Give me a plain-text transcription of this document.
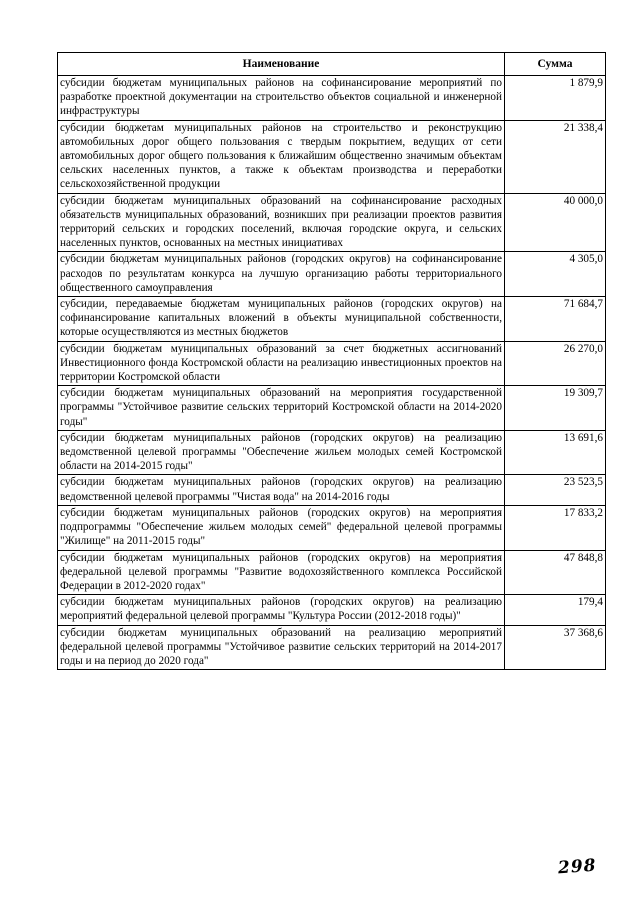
Наименование	Сумма
субсидии бюджетам муниципальных районов на софинансирование мероприятий по разработке проектной документации на строительство объектов социальной и инженерной инфраструктуры	1 879,9
субсидии бюджетам муниципальных районов на строительство и реконструкцию автомобильных дорог общего пользования с твердым покрытием, ведущих от сети автомобильных дорог общего пользования к ближайшим общественно значимым объектам сельских населенных пунктов, а также к объектам производства и переработки сельскохозяйственной продукции	21 338,4
субсидии бюджетам муниципальных образований на софинансирование расходных обязательств муниципальных образований, возникших при реализации проектов развития территорий сельских и городских поселений, включая городские округа, и сельских населенных пунктов, основанных на местных инициативах	40 000,0
субсидии бюджетам муниципальных районов (городских округов) на софинансирование расходов по результатам конкурса на лучшую организацию работы территориального общественного самоуправления	4 305,0
субсидии, передаваемые бюджетам муниципальных районов (городских округов) на софинансирование капитальных вложений в объекты муниципальной собственности, которые осуществляются из местных бюджетов	71 684,7
субсидии бюджетам муниципальных образований за счет бюджетных ассигнований Инвестиционного фонда Костромской области на реализацию инвестиционных проектов на территории Костромской области	26 270,0
субсидии бюджетам муниципальных образований на мероприятия государственной программы "Устойчивое развитие сельских территорий Костромской области на 2014-2020 годы"	19 309,7
субсидии бюджетам муниципальных районов (городских округов) на реализацию ведомственной целевой программы "Обеспечение жильем молодых семей Костромской области на 2014-2015 годы"	13 691,6
субсидии бюджетам муниципальных районов (городских округов) на реализацию ведомственной целевой программы "Чистая вода" на 2014-2016 годы	23 523,5
субсидии бюджетам муниципальных районов (городских округов) на мероприятия подпрограммы "Обеспечение жильем молодых семей" федеральной целевой программы "Жилище" на 2011-2015 годы"	17 833,2
субсидии бюджетам муниципальных районов (городских округов) на мероприятия федеральной целевой программы "Развитие водохозяйственного комплекса Российской Федерации в 2012-2020 годах"	47 848,8
субсидии бюджетам муниципальных районов (городских округов) на реализацию мероприятий федеральной целевой программы "Культура России (2012-2018 годы)"	179,4
субсидии бюджетам муниципальных образований на реализацию мероприятий федеральной целевой программы "Устойчивое развитие сельских территорий на 2014-2017 годы и на период до 2020 года"	37 368,6
298
